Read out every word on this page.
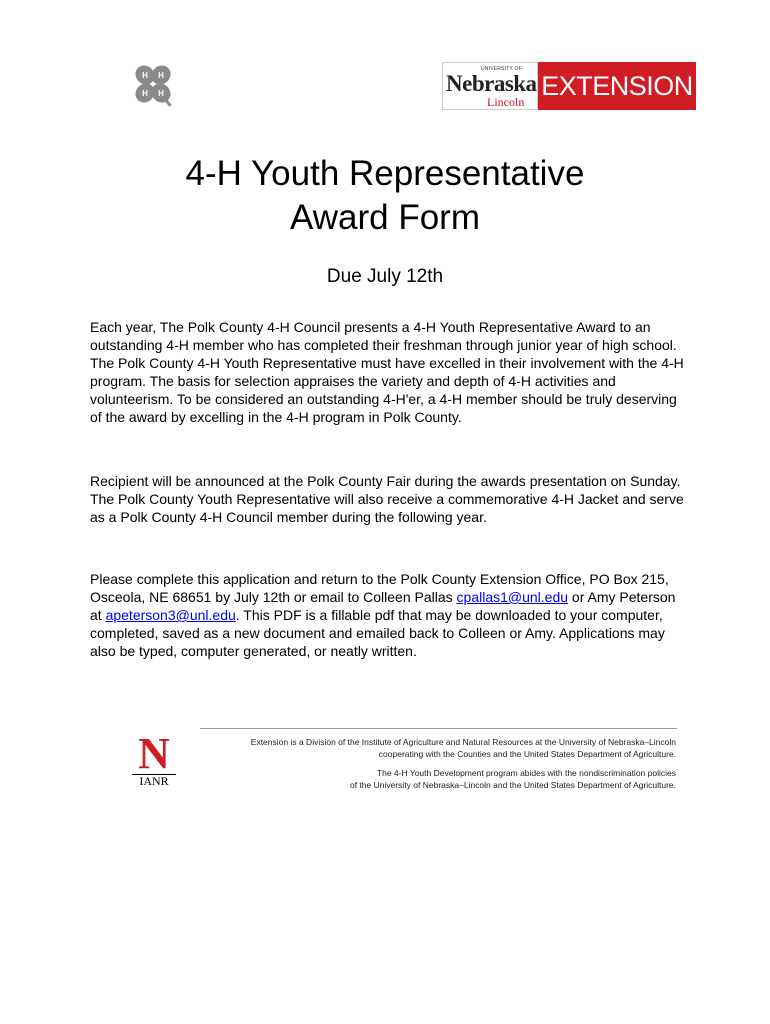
H H
H H
UNIVERSITY OF
Nebraska
Lincoln
EXTENSION
4-H Youth Representative
Award Form
Due July 12th
Each year, The Polk County 4-H Council presents a 4-H Youth Representative Award to an outstanding 4-H member who has completed their freshman through junior year of high school. The Polk County 4-H Youth Representative must have excelled in their involvement with the 4-H program. The basis for selection appraises the variety and depth of 4-H activities and volunteerism. To be considered an outstanding 4-H'er, a 4-H member should be truly deserving of the award by excelling in the 4-H program in Polk County.
Recipient will be announced at the Polk County Fair during the awards presentation on Sunday. The Polk County Youth Representative will also receive a commemorative 4-H Jacket and serve as a Polk County 4-H Council member during the following year.
Please complete this application and return to the Polk County Extension Office, PO Box 215, Osceola, NE 68651 by July 12th or email to Colleen Pallas cpallas1@unl.edu or Amy Peterson at apeterson3@unl.edu. This PDF is a fillable pdf that may be downloaded to your computer, completed, saved as a new document and emailed back to Colleen or Amy. Applications may also be typed, computer generated, or neatly written.
N
IANR
Extension is a Division of the Institute of Agriculture and Natural Resources at the University of Nebraska–Lincoln
cooperating with the Counties and the United States Department of Agriculture.
The 4-H Youth Development program abides with the nondiscrimination policies
of the University of Nebraska–Lincoln and the United States Department of Agriculture.
